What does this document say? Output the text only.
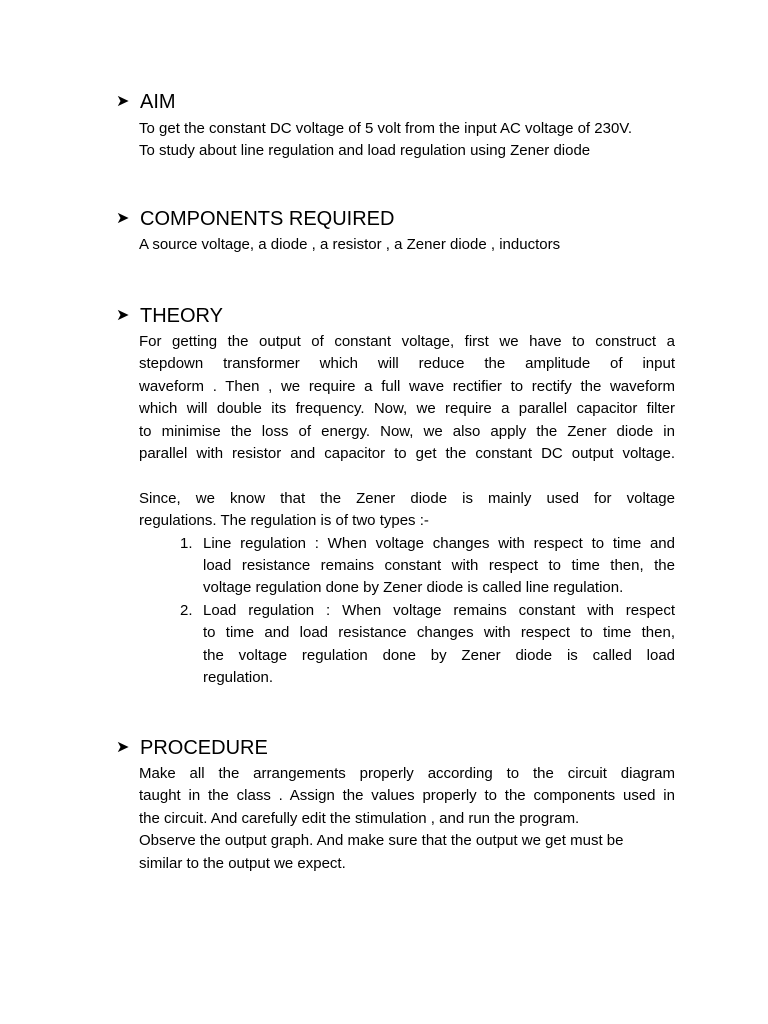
➤ AIM
To get the constant DC voltage of 5 volt from the input AC voltage of 230V.
To study about line regulation and load regulation using Zener diode
➤ COMPONENTS REQUIRED
A source voltage, a diode , a resistor , a Zener diode , inductors
➤ THEORY
For getting the output of constant voltage, first we have to construct a
stepdown transformer which will reduce the amplitude of input
waveform . Then , we require a full wave rectifier to rectify the waveform
which will double its frequency. Now, we require a parallel capacitor filter
to minimise the loss of energy. Now, we also apply the Zener diode in
parallel with resistor and capacitor to get the constant DC output voltage.
Since, we know that the Zener diode is mainly used for voltage
regulations. The regulation is of two types :-
1. Line regulation : When voltage changes with respect to time and
load resistance remains constant with respect to time then, the
voltage regulation done by Zener diode is called line regulation.
2. Load regulation : When voltage remains constant with respect
to time and load resistance changes with respect to time then,
the voltage regulation done by Zener diode is called load
regulation.
➤ PROCEDURE
Make all the arrangements properly according to the circuit diagram
taught in the class . Assign the values properly to the components used in
the circuit. And carefully edit the stimulation , and run the program.
Observe the output graph. And make sure that the output we get must be
similar to the output we expect.
